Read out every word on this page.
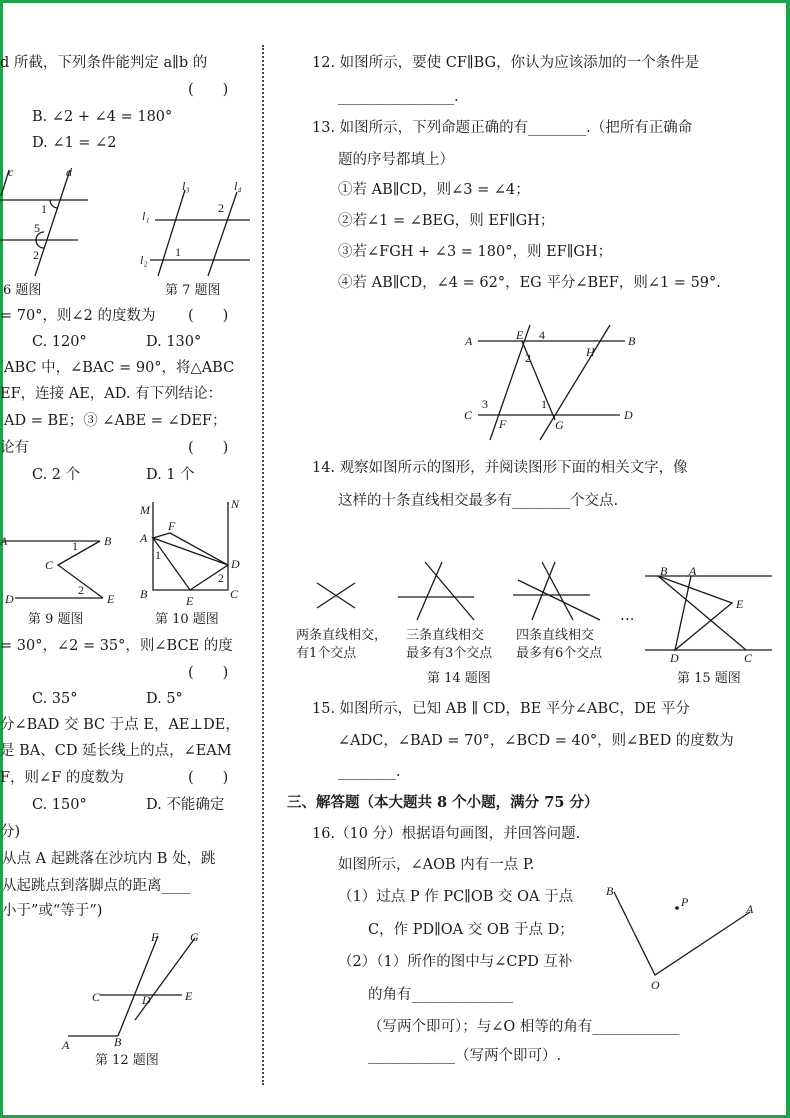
d 所截，下列条件能判定 a∥b 的
(　　)
B. ∠2 + ∠4 = 180°
D. ∠1 = ∠2
6 题图	第 7 题图
= 70°，则∠2 的度数为 (　　)
C. 120°	D. 130°
ABC 中，∠BAC = 90°，将△ABC
EF，连接 AE，AD. 有下列结论：
AD = BE；③ ∠ABE = ∠DEF；
论有	(　　)
C. 2 个	D. 1 个
第 9 题图	第 10 题图
= 30°，∠2 = 35°，则∠BCE 的度
(　　)
C. 35°	D. 5°
分∠BAD 交 BC 于点 E，AE⊥DE，
是 BA、CD 延长线上的点，∠EAM
F，则∠F 的度数为	(　　)
C. 150°	D. 不能确定
分)
从点 A 起跳落在沙坑内 B 处，跳
从起跳点到落脚点的距离____
小于”或“等于”)
第 12 题图
12. 如图所示，要使 CF∥BG，你认为应该添加的一个条件是
________________.
13. 如图所示，下列命题正确的有________.（把所有正确命
题的序号都填上）
①若 AB∥CD，则∠3 = ∠4；
②若∠1 = ∠BEG，则 EF∥GH；
③若∠FGH + ∠3 = 180°，则 EF∥GH；
④若 AB∥CD，∠4 = 62°，EG 平分∠BEF，则∠1 = 59°.
14. 观察如图所示的图形，并阅读图形下面的相关文字，像
这样的十条直线相交最多有________个交点.
两条直线相交，
有1个交点
三条直线相交
最多有3个交点
四条直线相交
最多有6个交点
…
第 14 题图	第 15 题图
15. 如图所示，已知 AB ∥ CD，BE 平分∠ABC，DE 平分
∠ADC，∠BAD = 70°，∠BCD = 40°，则∠BED 的度数为
________.
三、解答题（本大题共 8 个小题，满分 75 分）
16.（10 分）根据语句画图，并回答问题.
如图所示，∠AOB 内有一点 P.
（1）过点 P 作 PC∥OB 交 OA 于点
C，作 PD∥OA 交 OB 于点 D；
（2）（1）所作的图中与∠CPD 互补
的角有______________
（写两个即可）；与∠O 相等的角有____________
____________（写两个即可）.
c	d
1
5
2
l₃	l₄
l₁
l₂
1
2
A	B
C
1
2
D	E
M	N
A
F
D
1
2
B	E	C
C	D	E
F	G
B
A
A	B
C	D
E 4
2	H
3
F
1
G
B A
E
D	C
B
P	A
O
